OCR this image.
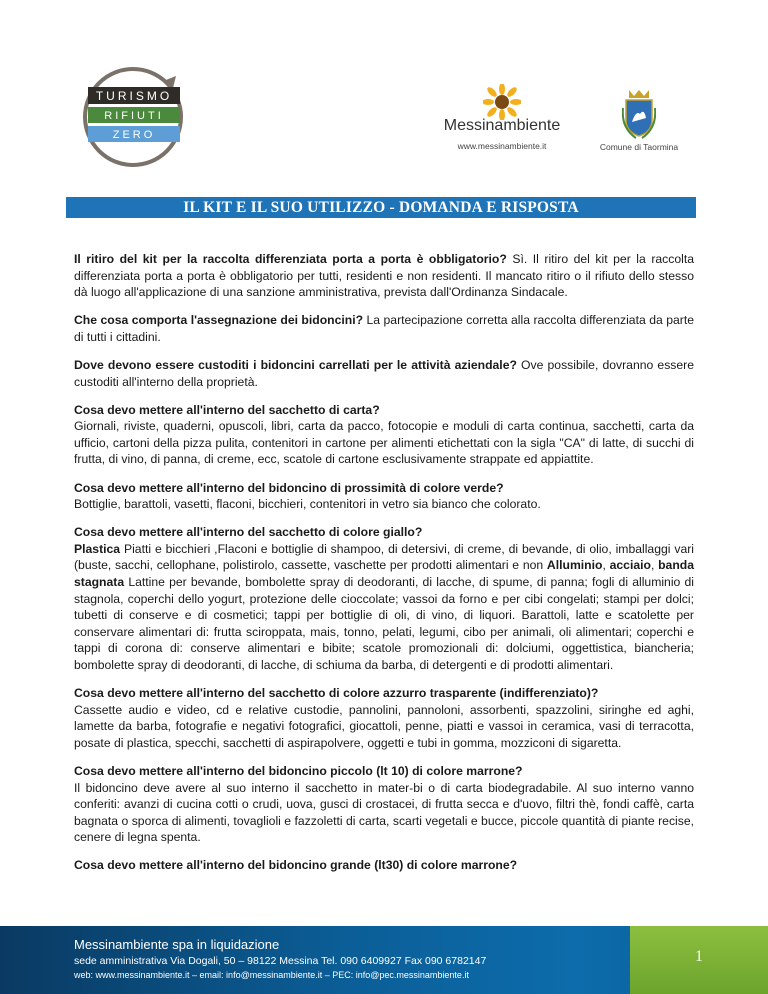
TURISMO
RIFIUTI
ZERO
Messinambiente
www.messinambiente.it	Comune di Taormina
IL KIT E IL SUO UTILIZZO - DOMANDA E RISPOSTA

Il ritiro del kit per la raccolta differenziata porta a porta è obbligatorio? Sì. Il ritiro del kit per la raccolta differenziata porta a porta è obbligatorio per tutti, residenti e non residenti. Il mancato ritiro o il rifiuto dello stesso dà luogo all'applicazione di una sanzione amministrativa, prevista dall'Ordinanza Sindacale.

Che cosa comporta l'assegnazione dei bidoncini? La partecipazione corretta alla raccolta differenziata da parte di tutti i cittadini.

Dove devono essere custoditi i bidoncini carrellati per le attività aziendale? Ove possibile, dovranno essere custoditi all'interno della proprietà.

Cosa devo mettere all'interno del sacchetto di carta?
Giornali, riviste, quaderni, opuscoli, libri, carta da pacco, fotocopie e moduli di carta continua, sacchetti, carta da ufficio, cartoni della pizza pulita, contenitori in cartone per alimenti etichettati con la sigla "CA" di latte, di succhi di frutta, di vino, di panna, di creme, ecc, scatole di cartone esclusivamente strappate ed appiattite.

Cosa devo mettere all'interno del bidoncino di prossimità di colore verde?
Bottiglie, barattoli, vasetti, flaconi, bicchieri, contenitori in vetro sia bianco che colorato.

Cosa devo mettere all'interno del sacchetto di colore giallo?
Plastica Piatti e bicchieri ,Flaconi e bottiglie di shampoo, di detersivi, di creme, di bevande, di olio, imballaggi vari (buste, sacchi, cellophane, polistirolo, cassette, vaschette per prodotti alimentari e non Alluminio, acciaio, banda stagnata Lattine per bevande, bombolette spray di deodoranti, di lacche, di spume, di panna; fogli di alluminio di stagnola, coperchi dello yogurt, protezione delle cioccolate; vassoi da forno e per cibi congelati; stampi per dolci; tubetti di conserve e di cosmetici; tappi per bottiglie di oli, di vino, di liquori. Barattoli, latte e scatolette per conservare alimentari di: frutta sciroppata, mais, tonno, pelati, legumi, cibo per animali, oli alimentari; coperchi e tappi di corona di: conserve alimentari e bibite; scatole promozionali di: dolciumi, oggettistica, biancheria; bombolette spray di deodoranti, di lacche, di schiuma da barba, di detergenti e di prodotti alimentari.

Cosa devo mettere all'interno del sacchetto di colore azzurro trasparente (indifferenziato)?
Cassette audio e video, cd e relative custodie, pannolini, pannoloni, assorbenti, spazzolini, siringhe ed aghi, lamette da barba, fotografie e negativi fotografici, giocattoli, penne, piatti e vassoi in ceramica, vasi di terracotta, posate di plastica, specchi, sacchetti di aspirapolvere, oggetti e tubi in gomma, mozziconi di sigaretta.

Cosa devo mettere all'interno del bidoncino piccolo (lt 10) di colore marrone?
Il bidoncino deve avere al suo interno il sacchetto in mater-bi o di carta biodegradabile. Al suo interno vanno conferiti: avanzi di cucina cotti o crudi, uova, gusci di crostacei, di frutta secca e d'uovo, filtri thè, fondi caffè, carta bagnata o sporca di alimenti, tovaglioli e fazzoletti di carta, scarti vegetali e bucce, piccole quantità di piante recise, cenere di legna spenta.

Cosa devo mettere all'interno del bidoncino grande (lt30) di colore marrone?

Messinambiente spa in liquidazione
sede amministrativa Via Dogali, 50 – 98122 Messina Tel. 090 6409927 Fax 090 6782147
web: www.messinambiente.it – email: info@messinambiente.it – PEC: info@pec.messinambiente.it
1
